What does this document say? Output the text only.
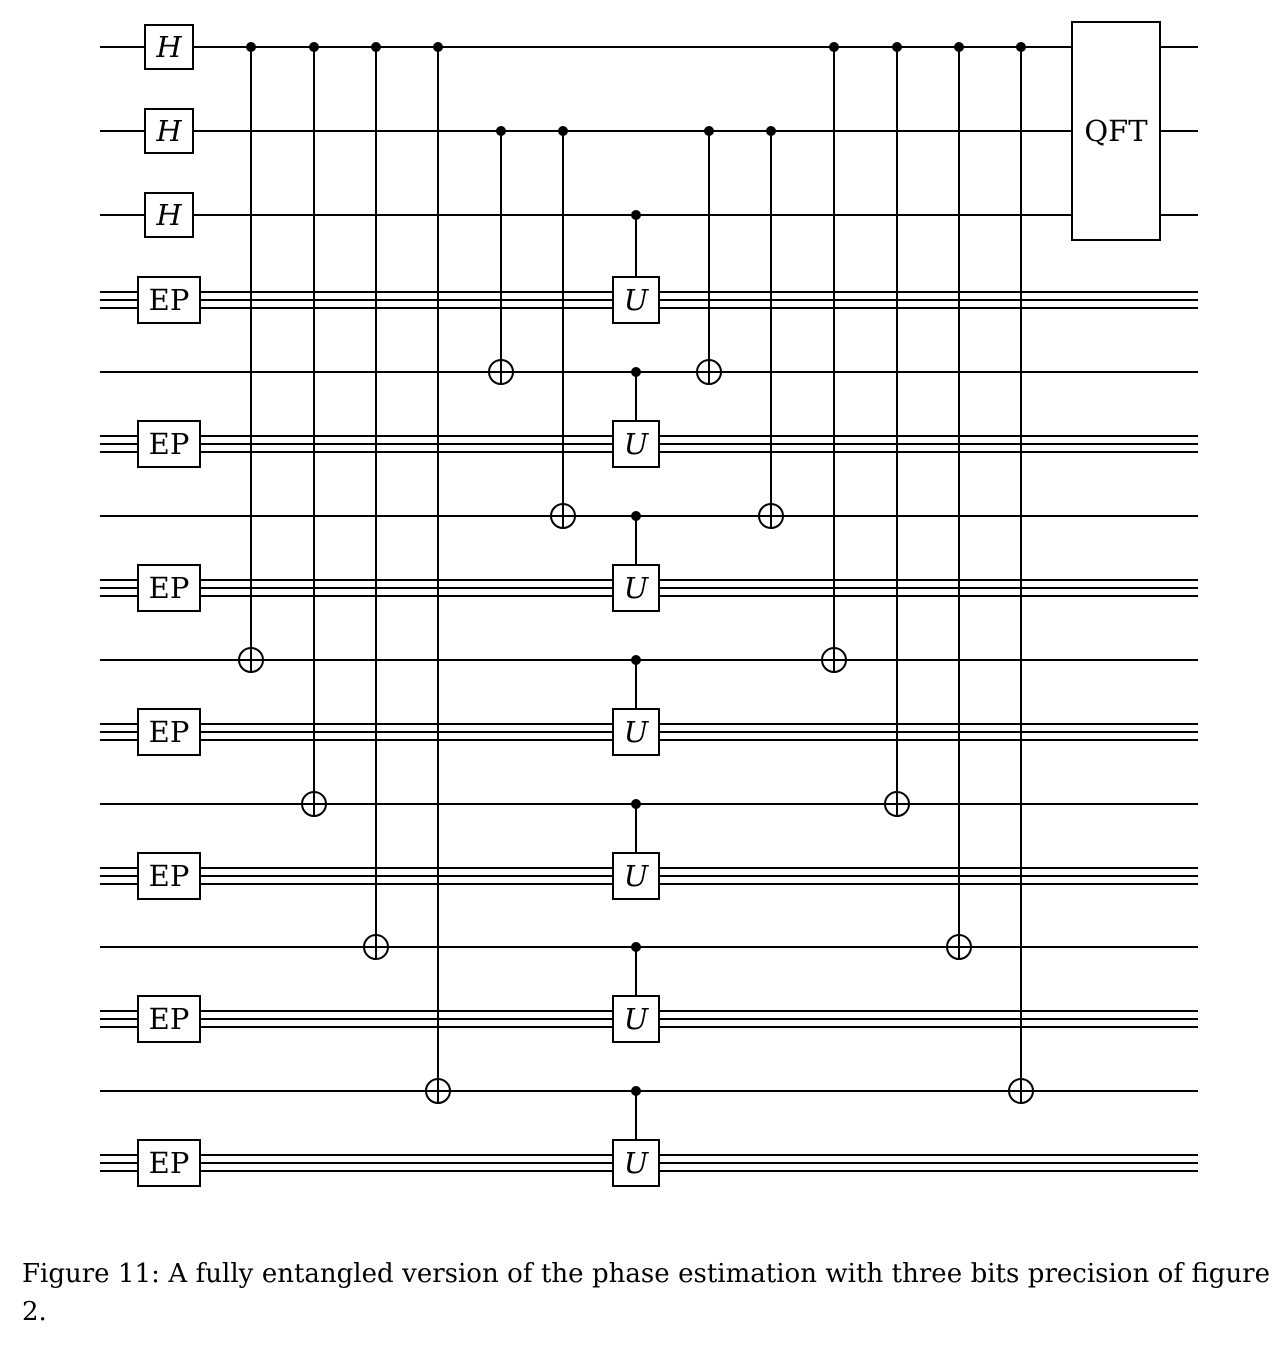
H
H
H
EP
EP
EP
EP
EP
EP
EP
U
U
U
U
U
U
U
QFT

Figure 11: A fully entangled version of the phase estimation with three bits precision of figure 2.
